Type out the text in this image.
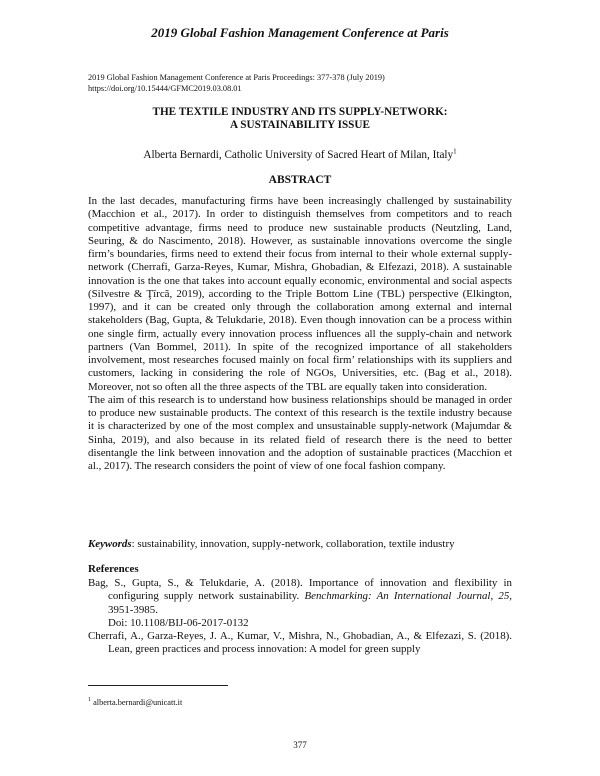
2019 Global Fashion Management Conference at Paris
2019 Global Fashion Management Conference at Paris Proceedings: 377-378 (July 2019)
https://doi.org/10.15444/GFMC2019.03.08.01
THE TEXTILE INDUSTRY AND ITS SUPPLY-NETWORK:
A SUSTAINABILITY ISSUE
Alberta Bernardi, Catholic University of Sacred Heart of Milan, Italy$^1$
ABSTRACT

In the last decades, manufacturing firms have been increasingly challenged by sustainability (Macchion et al., 2017). In order to distinguish themselves from competitors and to reach competitive advantage, firms need to produce new sustainable products (Neutzling, Land, Seuring, & do Nascimento, 2018). However, as sustainable innovations overcome the single firm’s boundaries, firms need to extend their focus from internal to their whole external supply-network (Cherrafi, Garza-Reyes, Kumar, Mishra, Ghobadian, & Elfezazi, 2018). A sustainable innovation is the one that takes into account equally economic, environmental and social aspects (Silvestre & Ţîrcă, 2019), according to the Triple Bottom Line (TBL) perspective (Elkington, 1997), and it can be created only through the collaboration among external and internal stakeholders (Bag, Gupta, & Telukdarie, 2018). Even though innovation can be a process within one single firm, actually every innovation process influences all the supply-chain and network partners (Van Bommel, 2011). In spite of the recognized importance of all stakeholders involvement, most researches focused mainly on focal firm’ relationships with its suppliers and customers, lacking in considering the role of NGOs, Universities, etc. (Bag et al., 2018). Moreover, not so often all the three aspects of the TBL are equally taken into consideration.

The aim of this research is to understand how business relationships should be managed in order to produce new sustainable products. The context of this research is the textile industry because it is characterized by one of the most complex and unsustainable supply-network (Majumdar & Sinha, 2019), and also because in its related field of research there is the need to better disentangle the link between innovation and the adoption of sustainable practices (Macchion et al., 2017). The research considers the point of view of one focal fashion company.

Keywords: sustainability, innovation, supply-network, collaboration, textile industry
References
Bag, S., Gupta, S., & Telukdarie, A. (2018). Importance of innovation and flexibility in configuring supply network sustainability. Benchmarking: An International Journal, 25, 3951-3985.
Doi: 10.1108/BIJ-06-2017-0132
Cherrafi, A., Garza-Reyes, J. A., Kumar, V., Mishra, N., Ghobadian, A., & Elfezazi, S. (2018). Lean, green practices and process innovation: A model for green supply
$^1$ alberta.bernardi@unicatt.it
377
